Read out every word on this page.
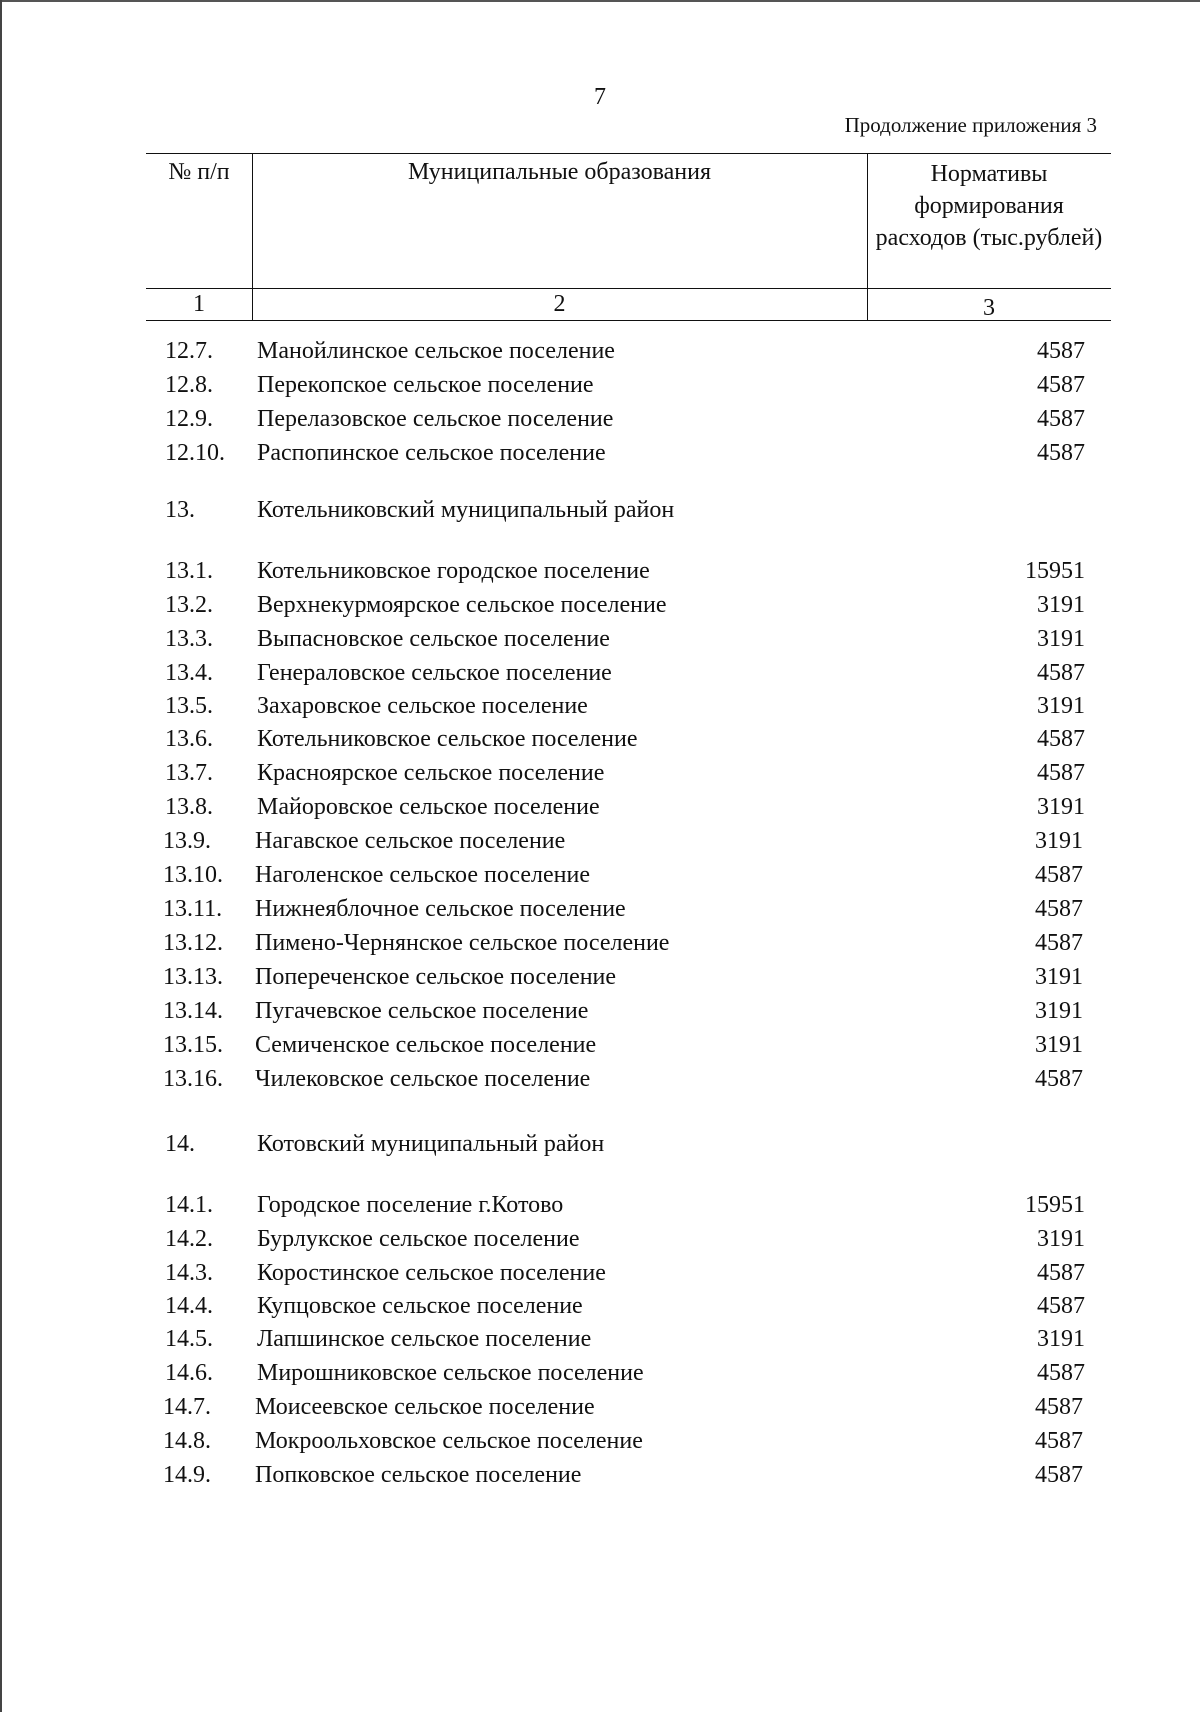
7
Продолжение приложения 3
№ п/п	Муниципальные образования	Нормативы формирования расходов (тыс.рублей)
1	2	3
12.7. Манойлинское сельское поселение	4587
12.8. Перекопское сельское поселение	4587
12.9. Перелазовское сельское поселение	4587
12.10. Распопинское сельское поселение	4587
13.	Котельниковский муниципальный район
13.1. Котельниковское городское поселение	15951
13.2. Верхнекурмоярское сельское поселение	3191
13.3. Выпасновское сельское поселение	3191
13.4. Генераловское сельское поселение	4587
13.5. Захаровское сельское поселение	3191
13.6. Котельниковское сельское поселение	4587
13.7. Красноярское сельское поселение	4587
13.8. Майоровское сельское поселение	3191
13.9. Нагавское сельское поселение	3191
13.10. Наголенское сельское поселение	4587
13.11. Нижнеяблочное сельское поселение	4587
13.12. Пимено-Чернянское сельское поселение	4587
13.13. Попереченское сельское поселение	3191
13.14. Пугачевское сельское поселение	3191
13.15. Семиченское сельское поселение	3191
13.16. Чилековское сельское поселение	4587
14.	Котовский муниципальный район
14.1. Городское поселение г.Котово	15951
14.2. Бурлукское сельское поселение	3191
14.3. Коростинское сельское поселение	4587
14.4. Купцовское сельское поселение	4587
14.5. Лапшинское сельское поселение	3191
14.6. Мирошниковское сельское поселение	4587
14.7. Моисеевское сельское поселение	4587
14.8. Мокроольховское сельское поселение	4587
14.9. Попковское сельское поселение	4587
